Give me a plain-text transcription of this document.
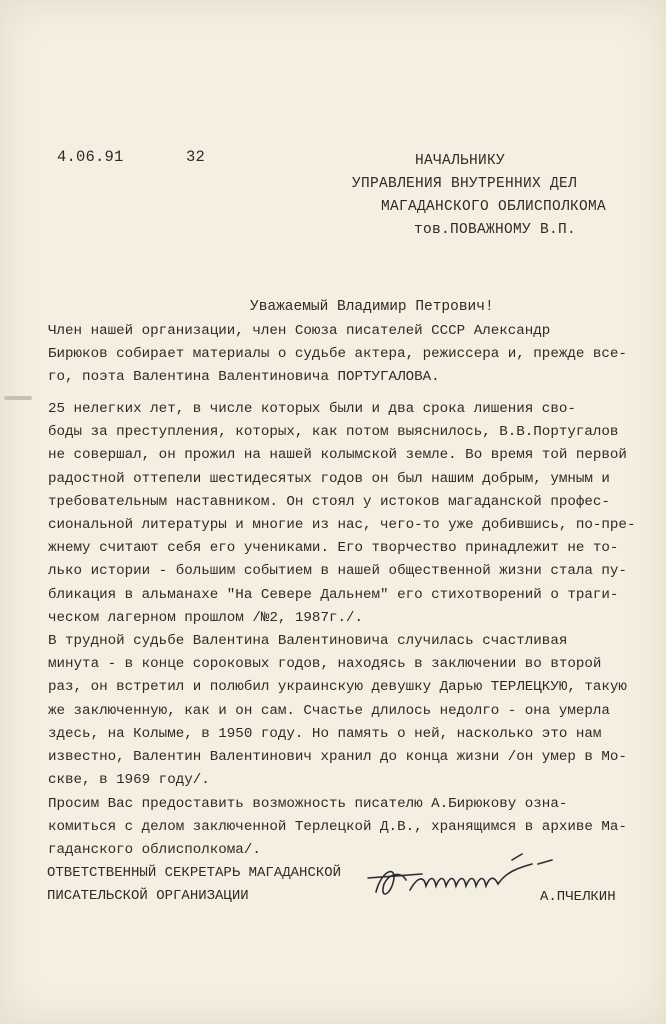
4.06.91	32	НАЧАЛЬНИКУ
УПРАВЛЕНИЯ ВНУТРЕННИХ ДЕЛ
МАГАДАНСКОГО ОБЛИСПОЛКОМА
тов.ПОВАЖНОМУ В.П.
Уважаемый Владимир Петрович!
Член нашей организации, член Союза писателей СССР Александр
Бирюков собирает материалы о судьбе актера, режиссера и, прежде все-
го, поэта Валентина Валентиновича ПОРТУГАЛОВА.
25 нелегких лет, в числе которых были и два срока лишения сво-
боды за преступления, которых, как потом выяснилось, В.В.Португалов
не совершал, он прожил на нашей колымской земле. Во время той первой
радостной оттепели шестидесятых годов он был нашим добрым, умным и
требовательным наставником. Он стоял у истоков магаданской профес-
сиональной литературы и многие из нас, чего-то уже добившись, по-пре-
жнему считают себя его учениками. Его творчество принадлежит не то-
лько истории - большим событием в нашей общественной жизни стала пу-
бликация в альманахе "На Севере Дальнем" его стихотворений о траги-
ческом лагерном прошлом /№2, 1987г./.
В трудной судьбе Валентина Валентиновича случилась счастливая
минута - в конце сороковых годов, находясь в заключении во второй
раз, он встретил и полюбил украинскую девушку Дарью ТЕРЛЕЦКУЮ, такую
же заключенную, как и он сам. Счастье длилось недолго - она умерла
здесь, на Колыме, в 1950 году. Но память о ней, насколько это нам
известно, Валентин Валентинович хранил до конца жизни /он умер в Мо-
скве, в 1969 году/.
Просим Вас предоставить возможность писателю А.Бирюкову озна-
комиться с делом заключенной Терлецкой Д.В., хранящимся в архиве Ма-
гаданского облисполкома/.
ОТВЕТСТВЕННЫЙ СЕКРЕТАРЬ МАГАДАНСКОЙ
ПИСАТЕЛЬСКОЙ ОРГАНИЗАЦИИ	А.ПЧЕЛКИН
